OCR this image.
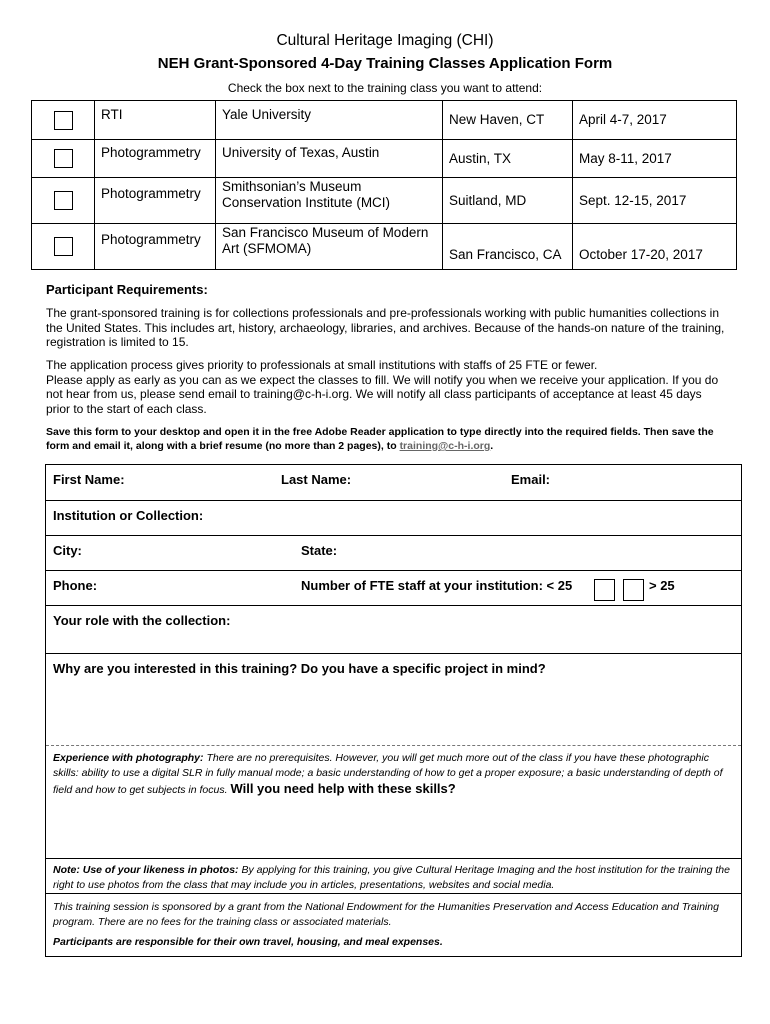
Cultural Heritage Imaging (CHI)
NEH Grant-Sponsored 4-Day Training Classes Application Form
Check the box next to the training class you want to attend:
	RTI	Yale University	New Haven, CT	April 4-7, 2017
	Photogrammetry	University of Texas, Austin	Austin, TX	May 8-11, 2017
	Photogrammetry	Smithsonian’s Museum
Conservation Institute (MCI)	Suitland, MD	Sept. 12-15, 2017
	Photogrammetry	San Francisco Museum of Modern
Art (SFMOMA)	San Francisco, CA	October 17-20, 2017
Participant Requirements:

The grant-sponsored training is for collections professionals and pre-professionals working with public humanities collections in the United States. This includes art, history, archaeology, libraries, and archives. Because of the hands-on nature of the training, registration is limited to 15.

The application process gives priority to professionals at small institutions with staffs of 25 FTE or fewer.
Please apply as early as you can as we expect the classes to fill. We will notify you when we receive your application. If you do not hear from us, please send email to training@c-h-i.org. We will notify all class participants of acceptance at least 45 days prior to the start of each class.

Save this form to your desktop and open it in the free Adobe Reader application to type directly into the required fields. Then save the form and email it, along with a brief resume (no more than 2 pages), to training@c-h-i.org.

First Name:	Last Name:	Email:
Institution or Collection:
City:	State:
Phone:	Number of FTE staff at your institution: < 25	> 25
Your role with the collection:
Why are you interested in this training? Do you have a specific project in mind?

Experience with photography: There are no prerequisites. However, you will get much more out of the class if you have these photographic skills: ability to use a digital SLR in fully manual mode; a basic understanding of how to get a proper exposure; a basic understanding of depth of field and how to get subjects in focus. Will you need help with these skills?

Note: Use of your likeness in photos: By applying for this training, you give Cultural Heritage Imaging and the host institution for the training the right to use photos from the class that may include you in articles, presentations, websites and social media.

This training session is sponsored by a grant from the National Endowment for the Humanities Preservation and Access Education and Training program. There are no fees for the training class or associated materials.

Participants are responsible for their own travel, housing, and meal expenses.
